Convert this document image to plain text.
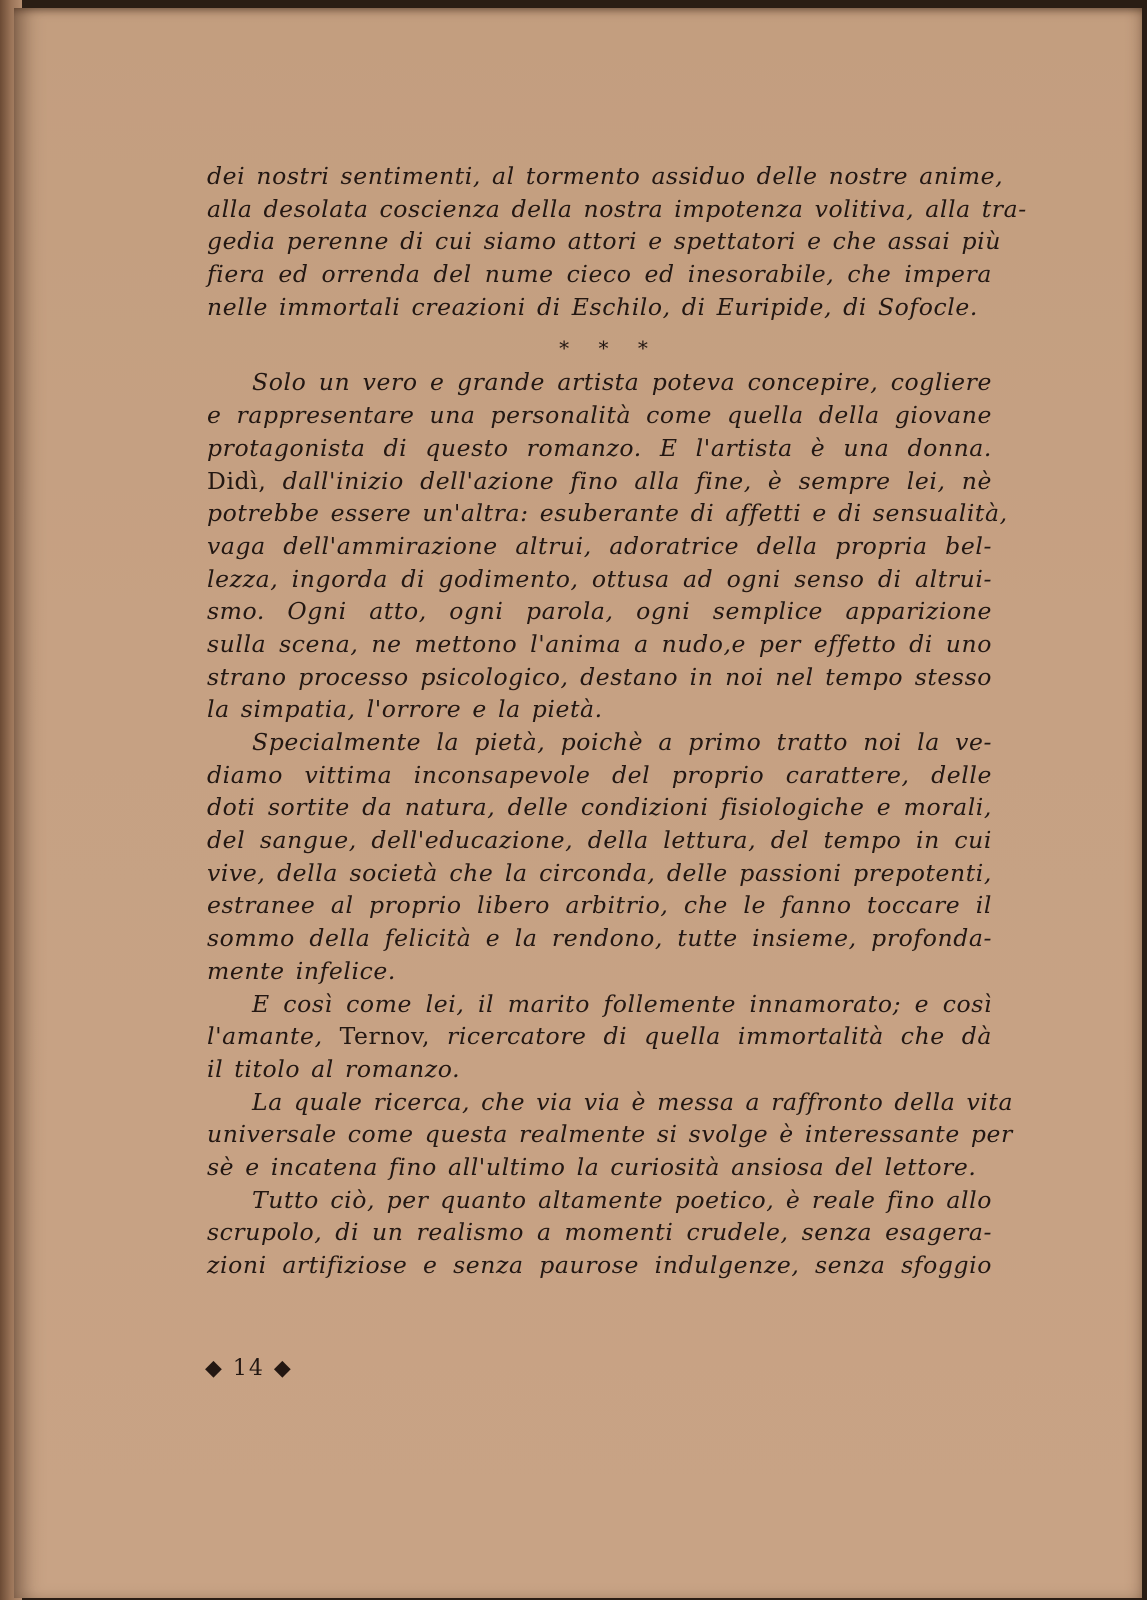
dei nostri sentimenti, al tormento assiduo delle nostre anime,
alla desolata coscienza della nostra impotenza volitiva, alla tra-
gedia perenne di cui siamo attori e spettatori e che assai più
fiera ed orrenda del nume cieco ed inesorabile, che impera
nelle immortali creazioni di Eschilo, di Euripide, di Sofocle.
* * *
Solo un vero e grande artista poteva concepire, cogliere
e rappresentare una personalità come quella della giovane
protagonista di questo romanzo. E l'artista è una donna.
Didì, dall'inizio dell'azione fino alla fine, è sempre lei, nè
potrebbe essere un'altra: esuberante di affetti e di sensualità,
vaga dell'ammirazione altrui, adoratrice della propria bel-
lezza, ingorda di godimento, ottusa ad ogni senso di altrui-
smo. Ogni atto, ogni parola, ogni semplice apparizione
sulla scena, ne mettono l'anima a nudo,e per effetto di uno
strano processo psicologico, destano in noi nel tempo stesso
la simpatia, l'orrore e la pietà.
Specialmente la pietà, poichè a primo tratto noi la ve-
diamo vittima inconsapevole del proprio carattere, delle
doti sortite da natura, delle condizioni fisiologiche e morali,
del sangue, dell'educazione, della lettura, del tempo in cui
vive, della società che la circonda, delle passioni prepotenti,
estranee al proprio libero arbitrio, che le fanno toccare il
sommo della felicità e la rendono, tutte insieme, profonda-
mente infelice.
E così come lei, il marito follemente innamorato; e così
l'amante, Ternov, ricercatore di quella immortalità che dà
il titolo al romanzo.
La quale ricerca, che via via è messa a raffronto della vita
universale come questa realmente si svolge è interessante per
sè e incatena fino all'ultimo la curiosità ansiosa del lettore.
Tutto ciò, per quanto altamente poetico, è reale fino allo
scrupolo, di un realismo a momenti crudele, senza esagera-
zioni artifiziose e senza paurose indulgenze, senza sfoggio
◆ 14 ◆
